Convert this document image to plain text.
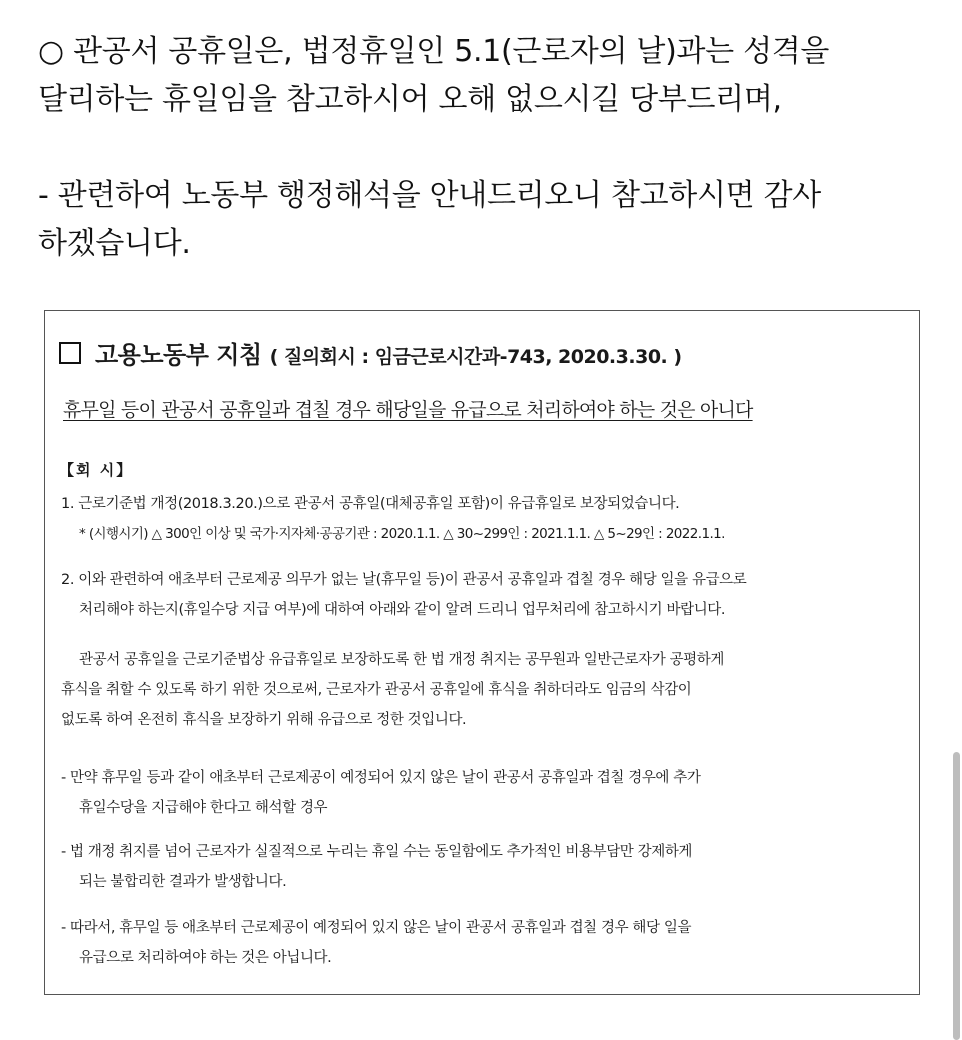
○ 관공서 공휴일은, 법정휴일인 5.1(근로자의 날)과는 성격을

달리하는 휴일임을 참고하시어 오해 없으시길 당부드리며,

- 관련하여 노동부 행정해석을 안내드리오니 참고하시면 감사

하겠습니다.

고용노동부 지침 ( 질의회시 : 임금근로시간과-743, 2020.3.30. )
휴무일 등이 관공서 공휴일과 겹칠 경우 해당일을 유급으로 처리하여야 하는 것은 아니다
【회 시】
1. 근로기준법 개정(2018.3.20.)으로 관공서 공휴일(대체공휴일 포함)이 유급휴일로 보장되었습니다.
* (시행시기) △ 300인 이상 및 국가·지자체·공공기관 : 2020.1.1. △ 30~299인 : 2021.1.1. △ 5~29인 : 2022.1.1.
2. 이와 관련하여 애초부터 근로제공 의무가 없는 날(휴무일 등)이 관공서 공휴일과 겹칠 경우 해당 일을 유급으로
처리해야 하는지(휴일수당 지급 여부)에 대하여 아래와 같이 알려 드리니 업무처리에 참고하시기 바랍니다.
관공서 공휴일을 근로기준법상 유급휴일로 보장하도록 한 법 개정 취지는 공무원과 일반근로자가 공평하게
휴식을 취할 수 있도록 하기 위한 것으로써, 근로자가 관공서 공휴일에 휴식을 취하더라도 임금의 삭감이
없도록 하여 온전히 휴식을 보장하기 위해 유급으로 정한 것입니다.
- 만약 휴무일 등과 같이 애초부터 근로제공이 예정되어 있지 않은 날이 관공서 공휴일과 겹칠 경우에 추가
휴일수당을 지급해야 한다고 해석할 경우
- 법 개정 취지를 넘어 근로자가 실질적으로 누리는 휴일 수는 동일함에도 추가적인 비용부담만 강제하게
되는 불합리한 결과가 발생합니다.
- 따라서, 휴무일 등 애초부터 근로제공이 예정되어 있지 않은 날이 관공서 공휴일과 겹칠 경우 해당 일을
유급으로 처리하여야 하는 것은 아닙니다.
